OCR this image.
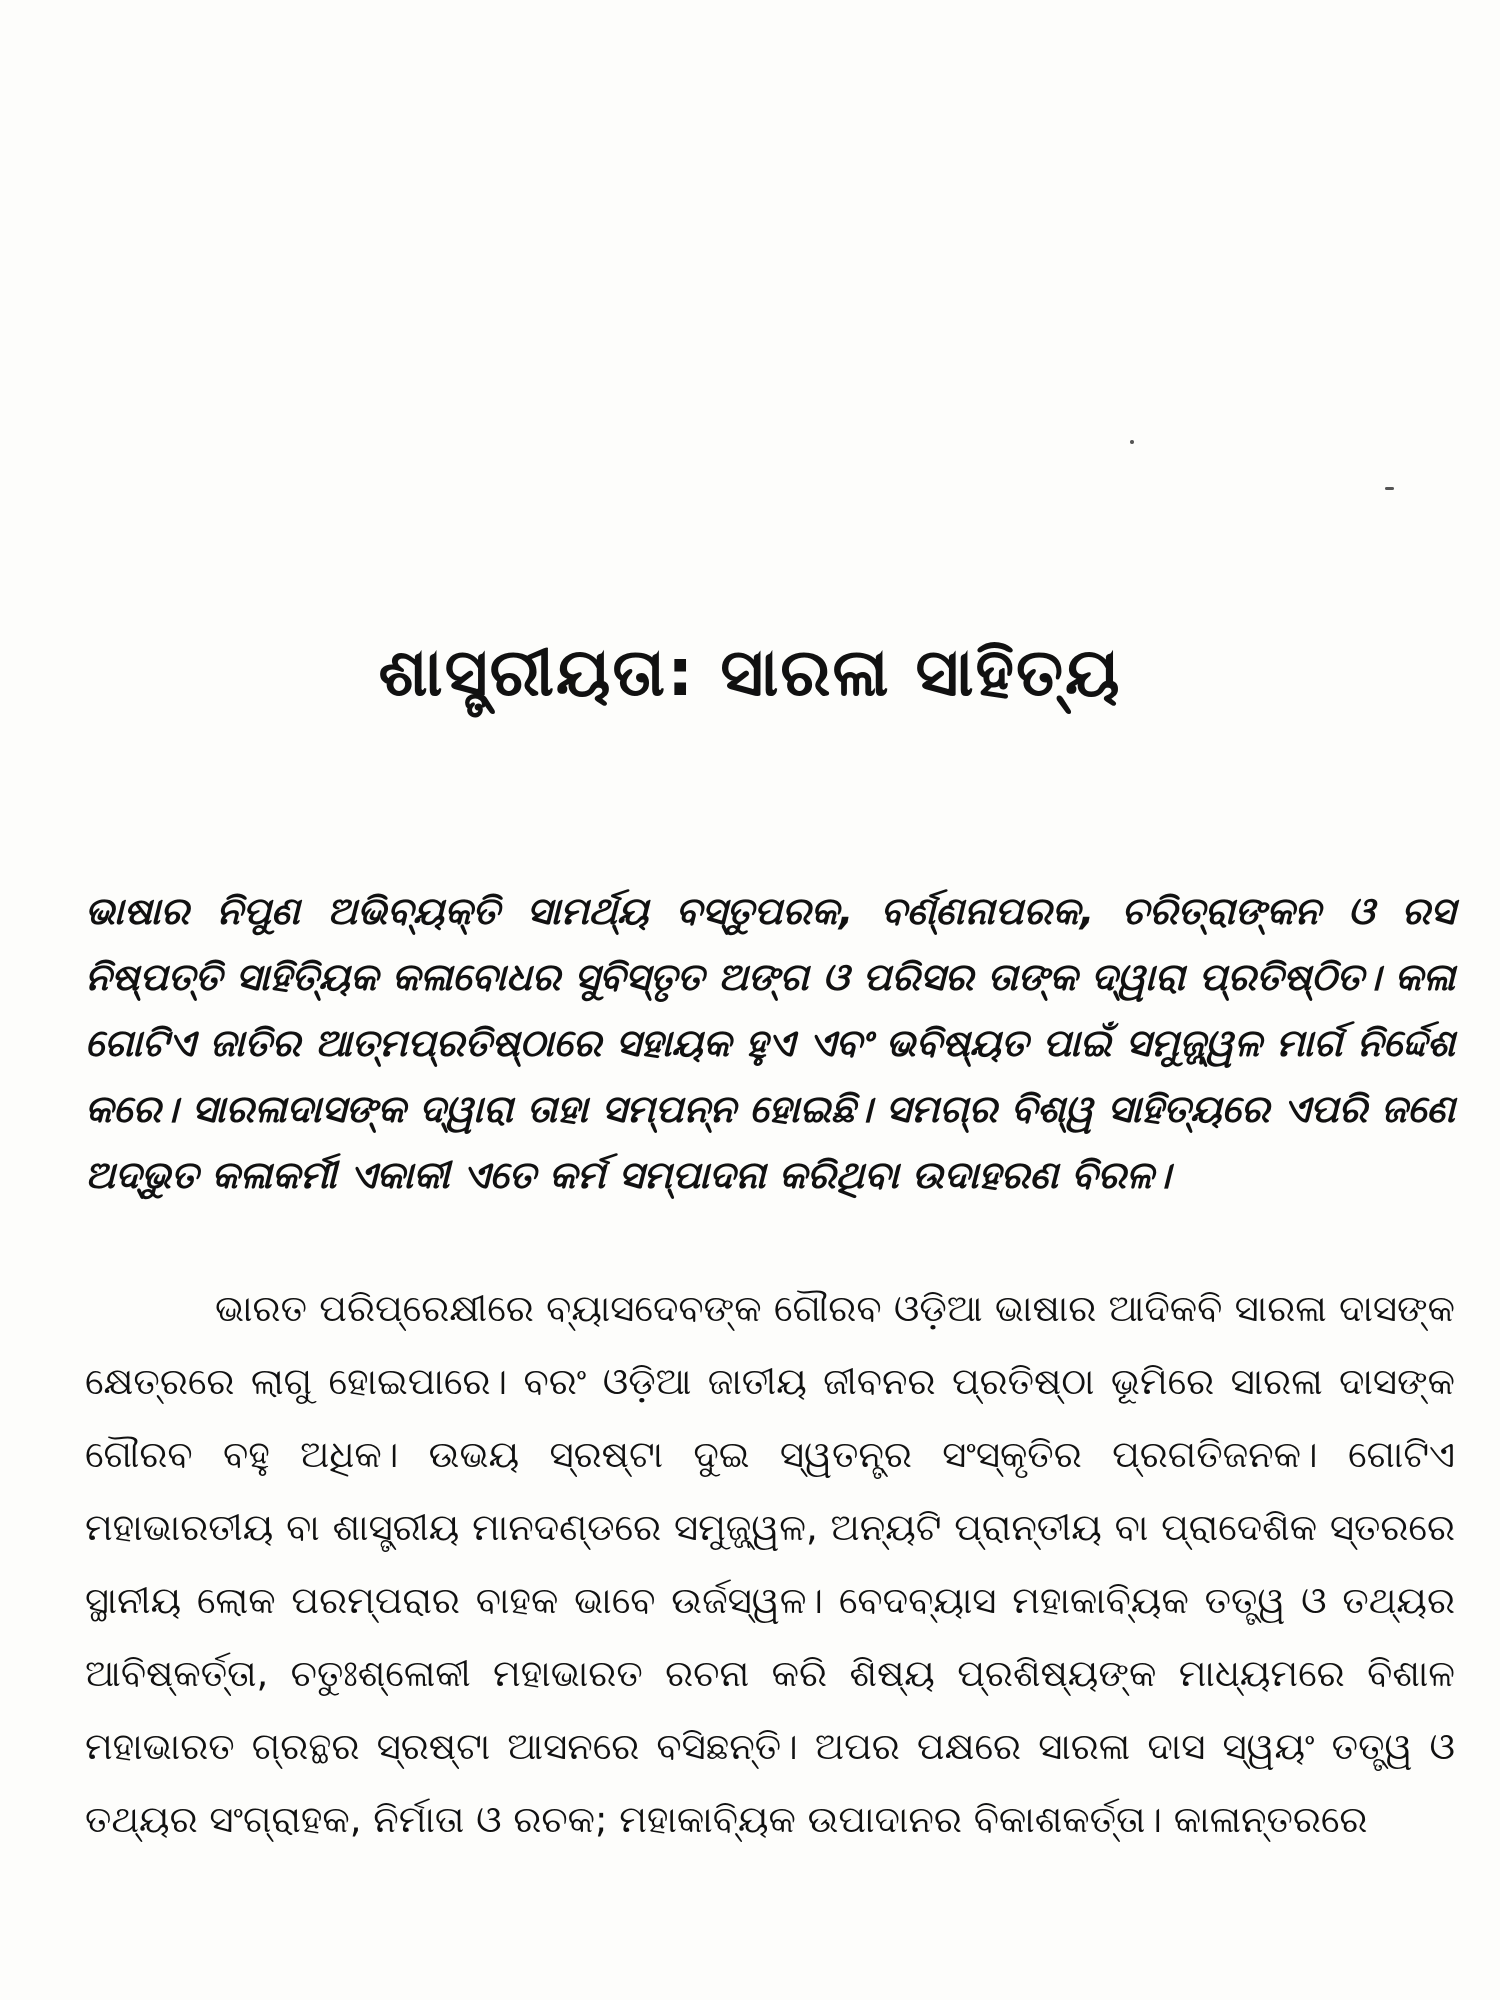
ଶାସ୍ତ୍ରୀୟତା: ସାରଳା ସାହିତ୍ୟ

ଭାଷାର ନିପୁଣ ଅଭିବ୍ୟକ୍ତି ସାମର୍ଥ୍ୟ ବସ୍ତୁପରକ, ବର୍ଣ୍ଣନାପରକ, ଚରିତ୍ରାଙ୍କନ ଓ ରସ ନିଷ୍ପତ୍ତି ସାହିତ୍ୟିକ କଳାବୋଧର ସୁବିସ୍ତୃତ ଅଙ୍ଗ ଓ ପରିସର ତାଙ୍କ ଦ୍ୱାରା ପ୍ରତିଷ୍ଠିତ। କଳା ଗୋଟିଏ ଜାତିର ଆତ୍ମପ୍ରତିଷ୍ଠାରେ ସହାୟକ ହୁଏ ଏବଂ ଭବିଷ୍ୟତ ପାଇଁ ସମୁଜ୍ଜ୍ୱଳ ମାର୍ଗ ନିର୍ଦ୍ଦେଶ କରେ। ସାରଳାଦାସଙ୍କ ଦ୍ୱାରା ତାହା ସମ୍ପନ୍ନ ହୋଇଛି। ସମଗ୍ର ବିଶ୍ୱ ସାହିତ୍ୟରେ ଏପରି ଜଣେ ଅଦ୍ଭୁତ କଳାକର୍ମୀ ଏକାକୀ ଏତେ କର୍ମ ସମ୍ପାଦନା କରିଥିବା ଉଦାହରଣ ବିରଳ।

ଭାରତ ପରିପ୍ରେକ୍ଷୀରେ ବ୍ୟାସଦେବଙ୍କ ଗୌରବ ଓଡ଼ିଆ ଭାଷାର ଆଦିକବି ସାରଳା ଦାସଙ୍କ କ୍ଷେତ୍ରରେ ଲାଗୁ ହୋଇପାରେ। ବରଂ ଓଡ଼ିଆ ଜାତୀୟ ଜୀବନର ପ୍ରତିଷ୍ଠା ଭୂମିରେ ସାରଳା ଦାସଙ୍କ ଗୌରବ ବହୁ ଅଧିକ। ଉଭୟ ସ୍ରଷ୍ଟା ଦୁଇ ସ୍ୱତନ୍ତ୍ର ସଂସ୍କୃତିର ପ୍ରଗତିଜନକ। ଗୋଟିଏ ମହାଭାରତୀୟ ବା ଶାସ୍ତ୍ରୀୟ ମାନଦଣ୍ଡରେ ସମୁଜ୍ଜ୍ୱଳ, ଅନ୍ୟଟି ପ୍ରାନ୍ତୀୟ ବା ପ୍ରାଦେଶିକ ସ୍ତରରେ ସ୍ଥାନୀୟ ଲୋକ ପରମ୍ପରାର ବାହକ ଭାବେ ଉର୍ଜସ୍ୱଳ। ବେଦବ୍ୟାସ ମହାକାବ୍ୟିକ ତତ୍ତ୍ୱ ଓ ତଥ୍ୟର ଆବିଷ୍କର୍ତ୍ତା, ଚତୁଃଶ୍ଳୋକୀ ମହାଭାରତ ରଚନା କରି ଶିଷ୍ୟ ପ୍ରଶିଷ୍ୟଙ୍କ ମାଧ୍ୟମରେ ବିଶାଳ ମହାଭାରତ ଗ୍ରନ୍ଥର ସ୍ରଷ୍ଟା ଆସନରେ ବସିଛନ୍ତି। ଅପର ପକ୍ଷରେ ସାରଳା ଦାସ ସ୍ୱୟଂ ତତ୍ତ୍ୱ ଓ ତଥ୍ୟର ସଂଗ୍ରାହକ, ନିର୍ମାତା ଓ ରଚକ; ମହାକାବ୍ୟିକ ଉପାଦାନର ବିକାଶକର୍ତ୍ତା। କାଳାନ୍ତରରେ
